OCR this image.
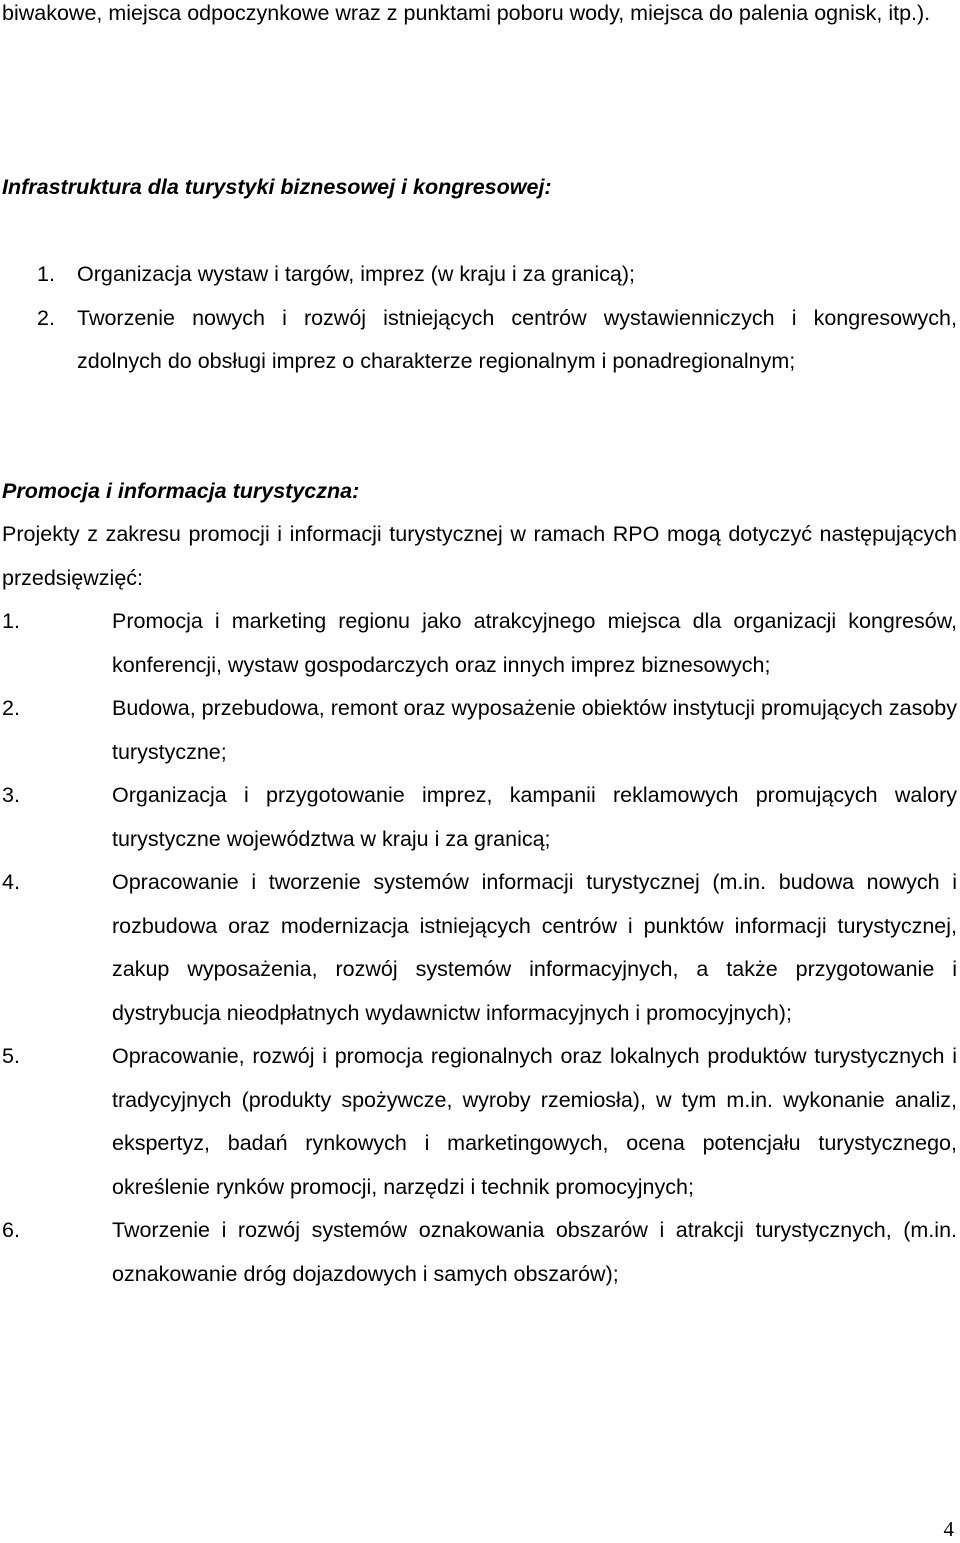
biwakowe, miejsca odpoczynkowe wraz z punktami poboru wody, miejsca do palenia ognisk, itp.).
Infrastruktura dla turystyki biznesowej i kongresowej:
1. Organizacja wystaw i targów, imprez (w kraju i za granicą);
2. Tworzenie nowych i rozwój istniejących centrów wystawienniczych i kongresowych, zdolnych do obsługi imprez o charakterze regionalnym i ponadregionalnym;
Promocja i informacja turystyczna:
Projekty z zakresu promocji i informacji turystycznej w ramach RPO mogą dotyczyć następujących przedsięwzięć:
1.	Promocja i marketing regionu jako atrakcyjnego miejsca dla organizacji kongresów, konferencji, wystaw gospodarczych oraz innych imprez biznesowych;
2.	Budowa, przebudowa, remont oraz wyposażenie obiektów instytucji promujących zasoby turystyczne;
3.	Organizacja i przygotowanie imprez, kampanii reklamowych promujących walory turystyczne województwa w kraju i za granicą;
4.	Opracowanie i tworzenie systemów informacji turystycznej (m.in. budowa nowych i rozbudowa oraz modernizacja istniejących centrów i punktów informacji turystycznej, zakup wyposażenia, rozwój systemów informacyjnych, a także przygotowanie i dystrybucja nieodpłatnych wydawnictw informacyjnych i promocyjnych);
5.	Opracowanie, rozwój i promocja regionalnych oraz lokalnych produktów turystycznych i tradycyjnych (produkty spożywcze, wyroby rzemiosła), w tym m.in. wykonanie analiz, ekspertyz, badań rynkowych i marketingowych, ocena potencjału turystycznego, określenie rynków promocji, narzędzi i technik promocyjnych;
6.	Tworzenie i rozwój systemów oznakowania obszarów i atrakcji turystycznych, (m.in. oznakowanie dróg dojazdowych i samych obszarów);
4
